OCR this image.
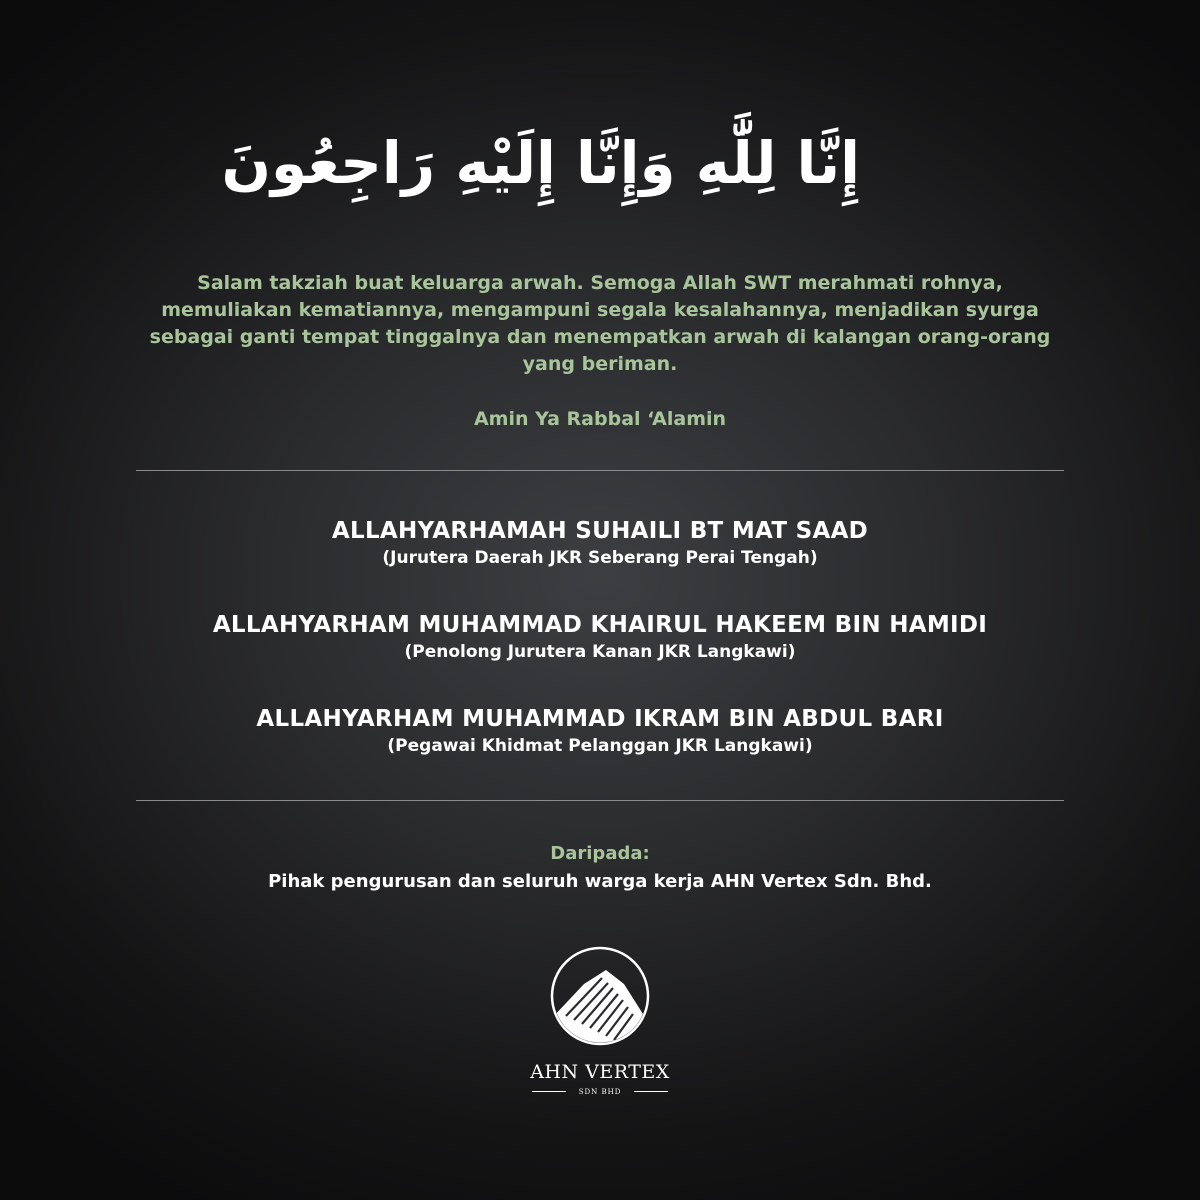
إِنَّا لِلَّٰهِ وَإِنَّا إِلَيْهِ رَاجِعُونَ

Salam takziah buat keluarga arwah. Semoga Allah SWT merahmati rohnya, memuliakan kematiannya, mengampuni segala kesalahannya, menjadikan syurga sebagai ganti tempat tinggalnya dan menempatkan arwah di kalangan orang-orang yang beriman.

Amin Ya Rabbal ‘Alamin
ALLAHYARHAMAH SUHAILI BT MAT SAAD
(Jurutera Daerah JKR Seberang Perai Tengah)
ALLAHYARHAM MUHAMMAD KHAIRUL HAKEEM BIN HAMIDI
(Penolong Jurutera Kanan JKR Langkawi)
ALLAHYARHAM MUHAMMAD IKRAM BIN ABDUL BARI
(Pegawai Khidmat Pelanggan JKR Langkawi)
Daripada:
Pihak pengurusan dan seluruh warga kerja AHN Vertex Sdn. Bhd.
AHN VERTEX
SDN BHD
